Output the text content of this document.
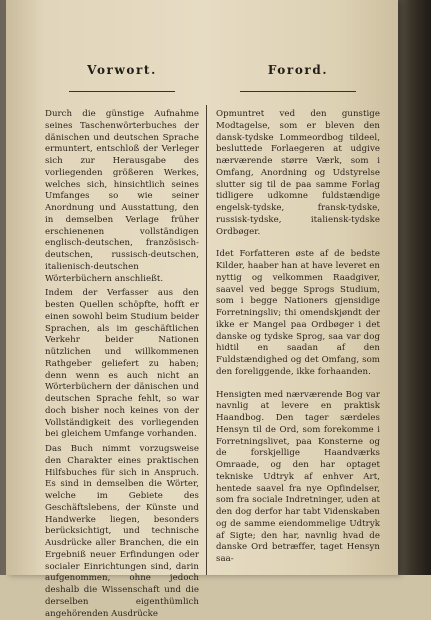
Vorwort.

Durch die günstige Aufnahme seines Taschenwörterbuches der dänischen und deutschen Sprache ermuntert, entschloß der Verleger sich zur Herausgabe des vorliegenden größeren Werkes, welches sich, hinsichtlich seines Umfanges so wie seiner Anordnung und Ausstattung, den in demselben Verlage früher erschienenen vollständigen englisch-deutschen, französisch-deutschen, russisch-deutschen, italienisch-deutschen Wörterbüchern anschließt.

Indem der Verfasser aus den besten Quellen schöpfte, hofft er einen sowohl beim Studium beider Sprachen, als im geschäftlichen Verkehr beider Nationen nützlichen und willkommenen Rathgeber geliefert zu haben; denn wenn es auch nicht an Wörterbüchern der dänischen und deutschen Sprache fehlt, so war doch bisher noch keines von der Vollständigkeit des vorliegenden bei gleichem Umfange vorhanden.

Das Buch nimmt vorzugsweise den Charakter eines praktischen Hilfsbuches für sich in Anspruch. Es sind in demselben die Wörter, welche im Gebiete des Geschäftslebens, der Künste und Handwerke liegen, besonders berücksichtigt, und technische Ausdrücke aller Branchen, die ein Ergebniß neuer Erfindungen oder socialer Einrichtungen sind, darin aufgenommen, ohne jedoch deshalb die Wissenschaft und die derselben eigenthümlich angehörenden Ausdrücke

Forord.

Opmuntret ved den gunstige Modtagelse, som er bleven den dansk-tydske Lommeordbog tildeel, besluttede Forlaegeren at udgive nærværende større Værk, som i Omfang, Anordning og Udstyrelse slutter sig til de paa samme Forlag tidligere udkomne fuldstændige engelsk-tydske, fransk-tydske, russisk-tydske, italiensk-tydske Ordbøger.

Idet Forfatteren øste af de bedste Kilder, haaber han at have leveret en nyttig og velkommen Raadgiver, saavel ved begge Sprogs Studium, som i begge Nationers gjensidige Forretningsliv; thi omendskjøndt der ikke er Mangel paa Ordbøger i det danske og tydske Sprog, saa var dog hidtil en saadan af den Fuldstændighed og det Omfang, som den foreliggende, ikke forhaanden.

Hensigten med nærværende Bog var navnlig at levere en praktisk Haandbog. Den tager særdeles Hensyn til de Ord, som forekomme i Forretningslivet, paa Konsterne og de forskjellige Haandværks Omraade, og den har optaget tekniske Udtryk af enhver Art, hentede saavel fra nye Opfindelser, som fra sociale Indretninger, uden at den dog derfor har tabt Videnskaben og de samme eiendommelige Udtryk af Sigte; den har, navnlig hvad de danske Ord betræffer, taget Hensyn saa-
